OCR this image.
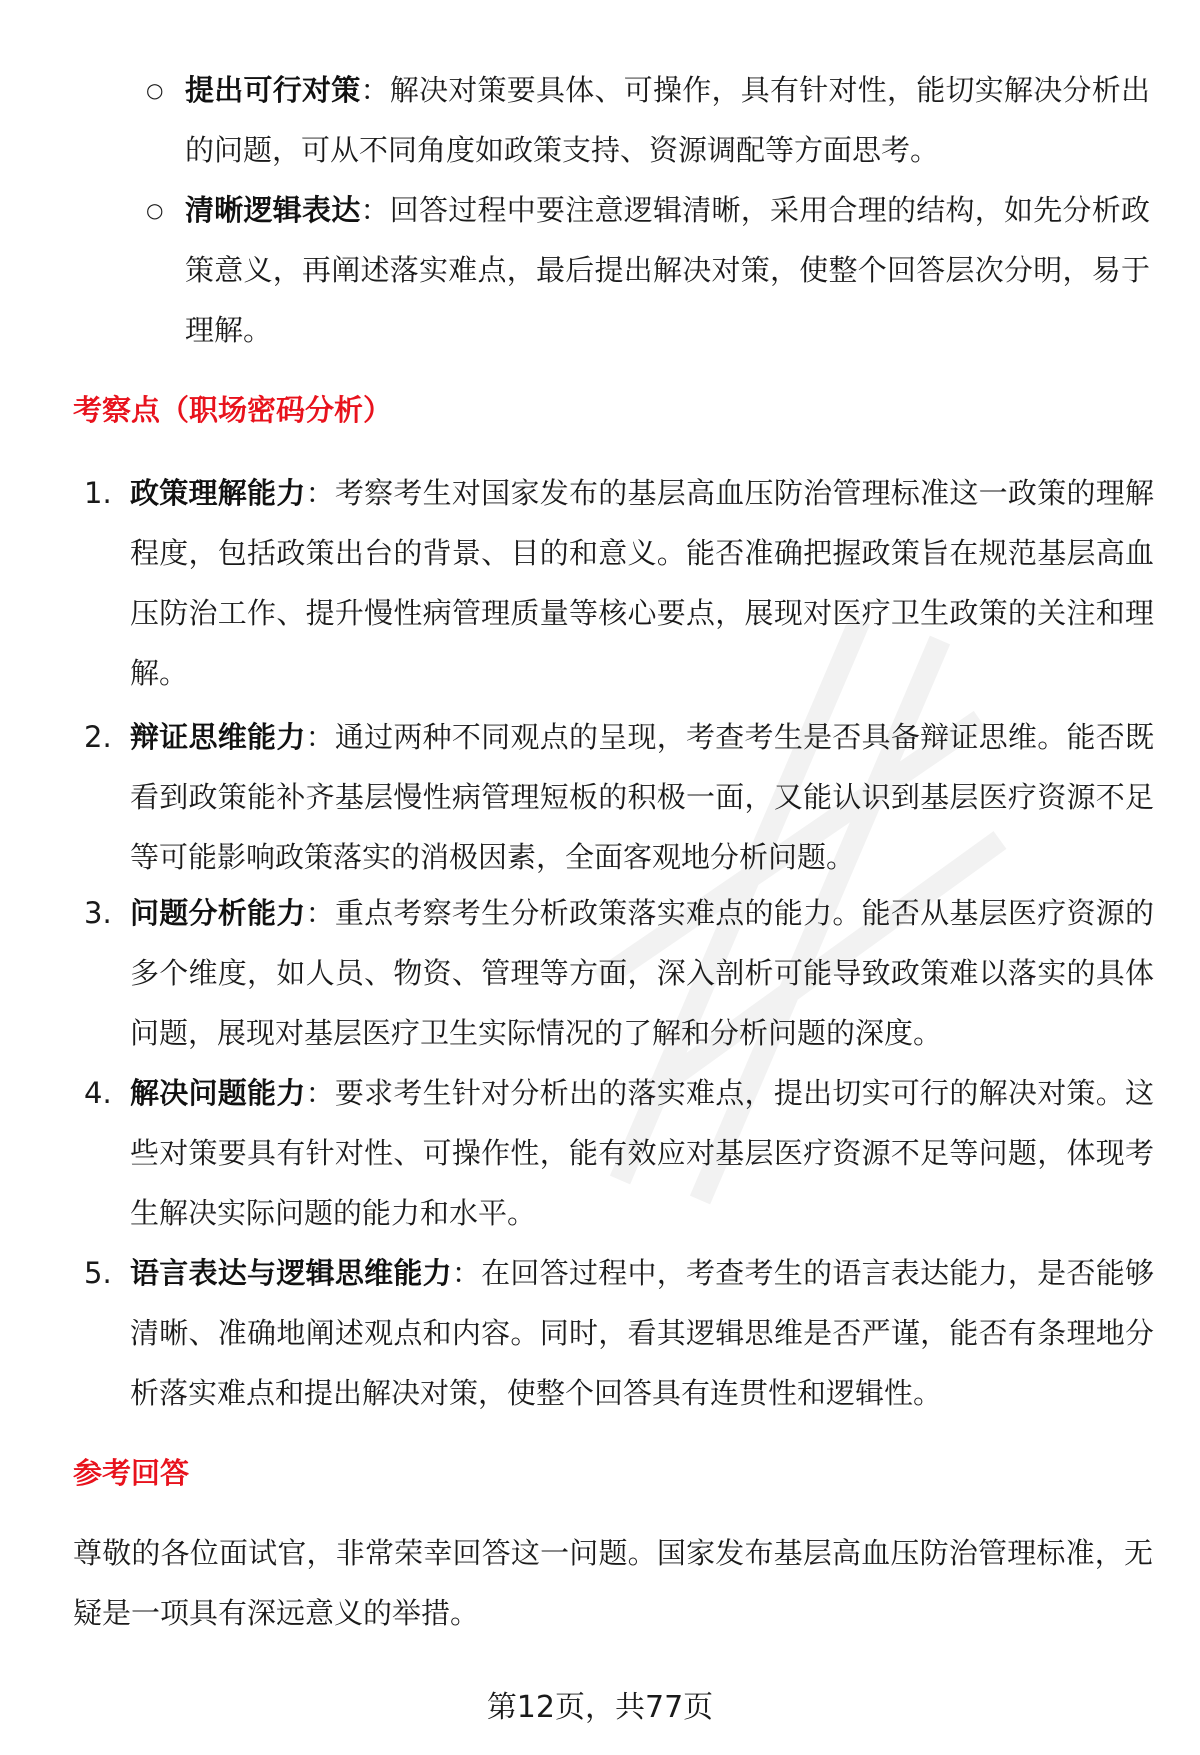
○ 提出可行对策：解决对策要具体、可操作，具有针对性，能切实解决分析出的问题，可从不同角度如政策支持、资源调配等方面思考。
○ 清晰逻辑表达：回答过程中要注意逻辑清晰，采用合理的结构，如先分析政策意义，再阐述落实难点，最后提出解决对策，使整个回答层次分明，易于理解。
考察点（职场密码分析）
1. 政策理解能力：考察考生对国家发布的基层高血压防治管理标准这一政策的理解程度，包括政策出台的背景、目的和意义。能否准确把握政策旨在规范基层高血压防治工作、提升慢性病管理质量等核心要点，展现对医疗卫生政策的关注和理解。
2. 辩证思维能力：通过两种不同观点的呈现，考查考生是否具备辩证思维。能否既看到政策能补齐基层慢性病管理短板的积极一面，又能认识到基层医疗资源不足等可能影响政策落实的消极因素，全面客观地分析问题。
3. 问题分析能力：重点考察考生分析政策落实难点的能力。能否从基层医疗资源的多个维度，如人员、物资、管理等方面，深入剖析可能导致政策难以落实的具体问题，展现对基层医疗卫生实际情况的了解和分析问题的深度。
4. 解决问题能力：要求考生针对分析出的落实难点，提出切实可行的解决对策。这些对策要具有针对性、可操作性，能有效应对基层医疗资源不足等问题，体现考生解决实际问题的能力和水平。
5. 语言表达与逻辑思维能力：在回答过程中，考查考生的语言表达能力，是否能够清晰、准确地阐述观点和内容。同时，看其逻辑思维是否严谨，能否有条理地分析落实难点和提出解决对策，使整个回答具有连贯性和逻辑性。
参考回答
尊敬的各位面试官，非常荣幸回答这一问题。国家发布基层高血压防治管理标准，无疑是一项具有深远意义的举措。
第12页，共77页
